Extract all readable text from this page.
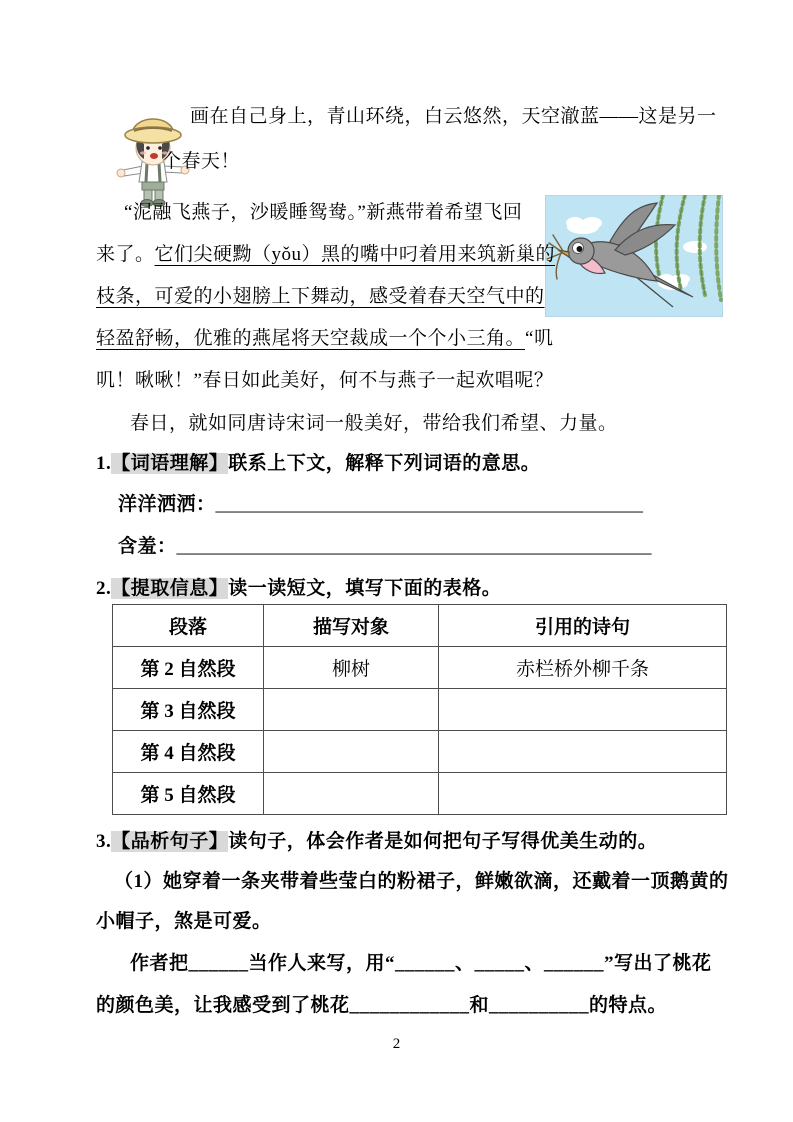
画在自己身上，青山环绕，白云悠然，天空澈蓝——这是另一
个春天！
“泥融飞燕子，沙暖睡鸳鸯。”新燕带着希望飞回
来了。它们尖硬黝（yǒu）黑的嘴中叼着用来筑新巢的
枝条，可爱的小翅膀上下舞动，感受着春天空气中的
轻盈舒畅，优雅的燕尾将天空裁成一个个小三角。“叽
叽！啾啾！”春日如此美好，何不与燕子一起欢唱呢？
春日，就如同唐诗宋词一般美好，带给我们希望、力量。
1.【词语理解】联系上下文，解释下列词语的意思。
洋洋洒洒：_____________________________________________
含羞：__________________________________________________
2.【提取信息】读一读短文，填写下面的表格。
段落	描写对象	引用的诗句
第 2 自然段	柳树	赤栏桥外柳千条
第 3 自然段		
第 4 自然段		
第 5 自然段		
3.【品析句子】读句子，体会作者是如何把句子写得优美生动的。
（1）她穿着一条夹带着些莹白的粉裙子，鲜嫩欲滴，还戴着一顶鹅黄的
小帽子，煞是可爱。
作者把______当作人来写，用“______、_____、______”写出了桃花
的颜色美，让我感受到了桃花____________和__________的特点。
2
